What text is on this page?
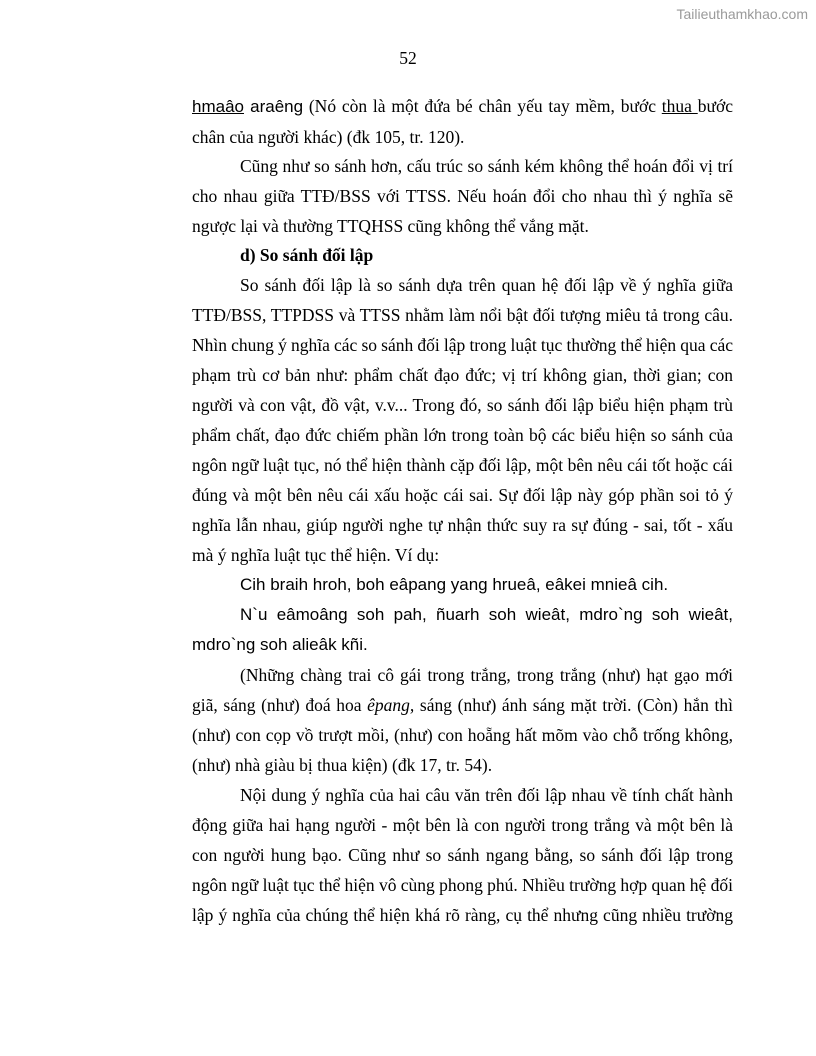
Tailieuthamkhao.com
52
hmaâo araêng (Nó còn là một đứa bé chân yếu tay mềm, bước thua bước
chân của người khác) (đk 105, tr. 120).
Cũng như so sánh hơn, cấu trúc so sánh kém không thể hoán đổi vị trí
cho nhau giữa TTĐ/BSS với TTSS. Nếu hoán đổi cho nhau thì ý nghĩa sẽ
ngược lại và thường TTQHSS cũng không thể vắng mặt.
d) So sánh đối lập
So sánh đối lập là so sánh dựa trên quan hệ đối lập về ý nghĩa giữa
TTĐ/BSS, TTPDSS và TTSS nhằm làm nổi bật đối tượng miêu tả trong câu.
Nhìn chung ý nghĩa các so sánh đối lập trong luật tục thường thể hiện qua các
phạm trù cơ bản như: phẩm chất đạo đức; vị trí không gian, thời gian; con
người và con vật, đồ vật, v.v... Trong đó, so sánh đối lập biểu hiện phạm trù
phẩm chất, đạo đức chiếm phần lớn trong toàn bộ các biểu hiện so sánh của
ngôn ngữ luật tục, nó thể hiện thành cặp đối lập, một bên nêu cái tốt hoặc cái
đúng và một bên nêu cái xấu hoặc cái sai. Sự đối lập này góp phần soi tỏ ý
nghĩa lẫn nhau, giúp người nghe tự nhận thức suy ra sự đúng - sai, tốt - xấu
mà ý nghĩa luật tục thể hiện. Ví dụ:
Cih braih hroh, boh eâpang yang hrueâ, eâkei mnieâ cih.
N`u eâmoâng soh pah, ñuarh soh wieât, mdro`ng soh wieât,
mdro`ng soh alieâk kñi.
(Những chàng trai cô gái trong trắng, trong trắng (như) hạt gạo mới
giã, sáng (như) đoá hoa êpang, sáng (như) ánh sáng mặt trời. (Còn) hắn thì
(như) con cọp vồ trượt mồi, (như) con hoẵng hất mõm vào chỗ trống không,
(như) nhà giàu bị thua kiện) (đk 17, tr. 54).
Nội dung ý nghĩa của hai câu văn trên đối lập nhau về tính chất hành
động giữa hai hạng người - một bên là con người trong trắng và một bên là
con người hung bạo. Cũng như so sánh ngang bằng, so sánh đối lập trong
ngôn ngữ luật tục thể hiện vô cùng phong phú. Nhiều trường hợp quan hệ đối
lập ý nghĩa của chúng thể hiện khá rõ ràng, cụ thể nhưng cũng nhiều trường
